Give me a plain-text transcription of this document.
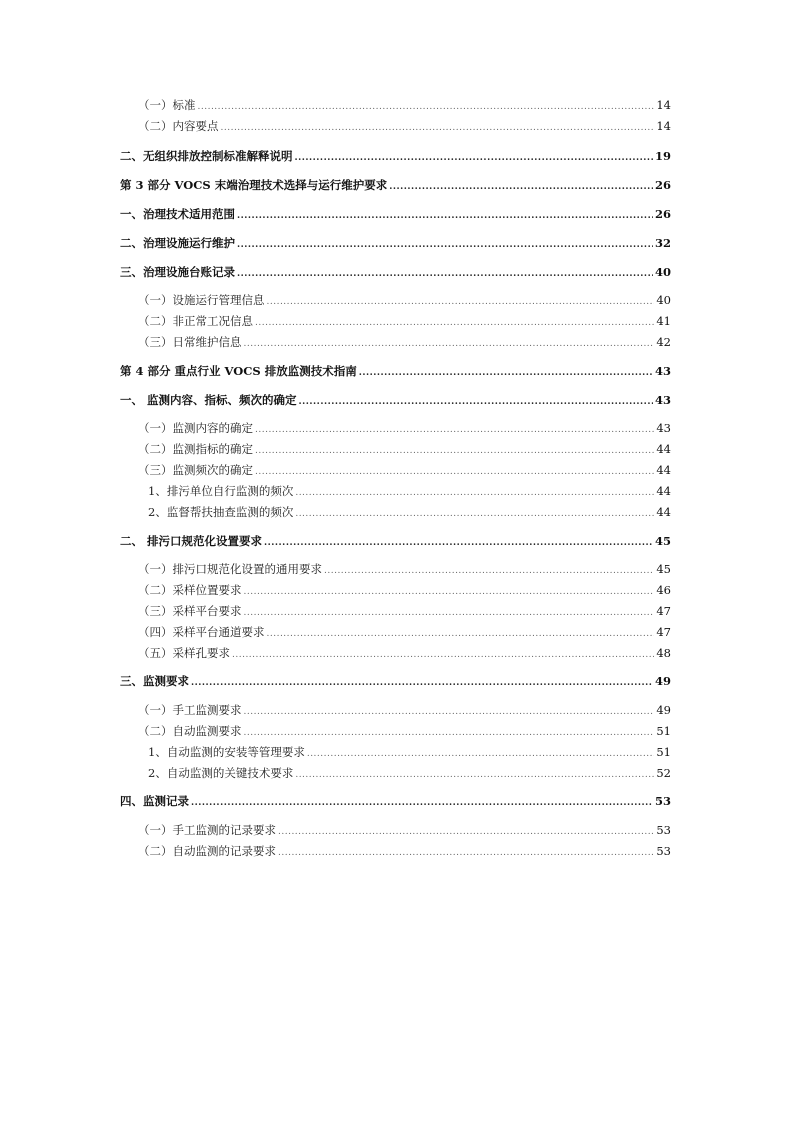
（一）标准 .....	14
（二）内容要点 .....	14
二、无组织排放控制标准解释说明 .....	19
第 3 部分 VOCS 末端治理技术选择与运行维护要求 .....	26
一、治理技术适用范围 .....	26
二、治理设施运行维护 .....	32
三、治理设施台账记录 .....	40
（一）设施运行管理信息 .....	40
（二）非正常工况信息 .....	41
（三）日常维护信息 .....	42
第 4 部分 重点行业 VOCS 排放监测技术指南 .....	43
一、 监测内容、指标、频次的确定 .....	43
（一）监测内容的确定 .....	43
（二）监测指标的确定 .....	44
（三）监测频次的确定 .....	44
1、排污单位自行监测的频次 .....	44
2、监督帮扶抽查监测的频次 .....	44
二、 排污口规范化设置要求 .....	45
（一）排污口规范化设置的通用要求 .....	45
（二）采样位置要求 .....	46
（三）采样平台要求 .....	47
（四）采样平台通道要求 .....	47
（五）采样孔要求 .....	48
三、监测要求 .....	49
（一）手工监测要求 .....	49
（二）自动监测要求 .....	51
1、自动监测的安装等管理要求 .....	51
2、自动监测的关键技术要求 .....	52
四、监测记录 .....	53
（一）手工监测的记录要求 .....	53
（二）自动监测的记录要求 .....	53
